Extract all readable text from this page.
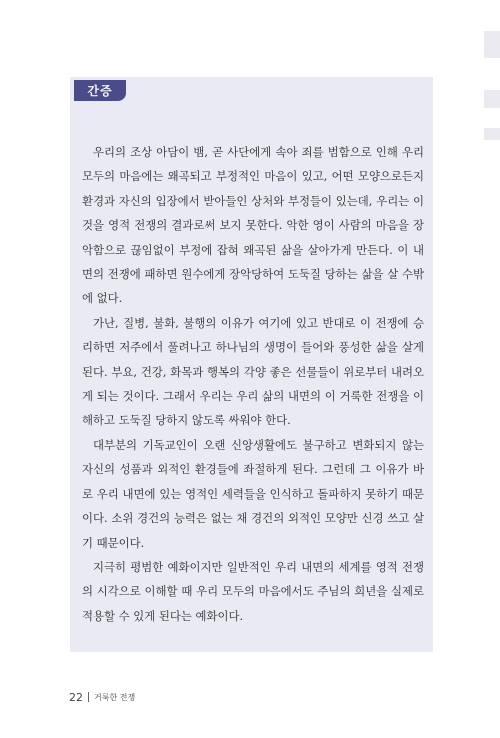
간증

우리의 조상 아담이 뱀, 곧 사단에게 속아 죄를 범함으로 인해 우리 모두의 마음에는 왜곡되고 부정적인 마음이 있고, 어떤 모양으로든지 환경과 자신의 입장에서 받아들인 상처와 부정들이 있는데, 우리는 이것을 영적 전쟁의 결과로써 보지 못한다. 악한 영이 사람의 마음을 장악함으로 끊임없이 부정에 잡혀 왜곡된 삶을 살아가게 만든다. 이 내면의 전쟁에 패하면 원수에게 장악당하여 도둑질 당하는 삶을 살 수밖에 없다.

가난, 질병, 불화, 불행의 이유가 여기에 있고 반대로 이 전쟁에 승리하면 저주에서 풀려나고 하나님의 생명이 들어와 풍성한 삶을 살게 된다. 부요, 건강, 화목과 행복의 각양 좋은 선물들이 위로부터 내려오게 되는 것이다. 그래서 우리는 우리 삶의 내면의 이 거룩한 전쟁을 이해하고 도둑질 당하지 않도록 싸워야 한다.

대부분의 기독교인이 오랜 신앙생활에도 불구하고 변화되지 않는 자신의 성품과 외적인 환경들에 좌절하게 된다. 그런데 그 이유가 바로 우리 내면에 있는 영적인 세력들을 인식하고 돌파하지 못하기 때문이다. 소위 경건의 능력은 없는 채 경건의 외적인 모양만 신경 쓰고 살기 때문이다.

지극히 평범한 예화이지만 일반적인 우리 내면의 세계를 영적 전쟁의 시각으로 이해할 때 우리 모두의 마음에서도 주님의 희년을 실제로 적용할 수 있게 된다는 예화이다.

22 거룩한 전쟁
